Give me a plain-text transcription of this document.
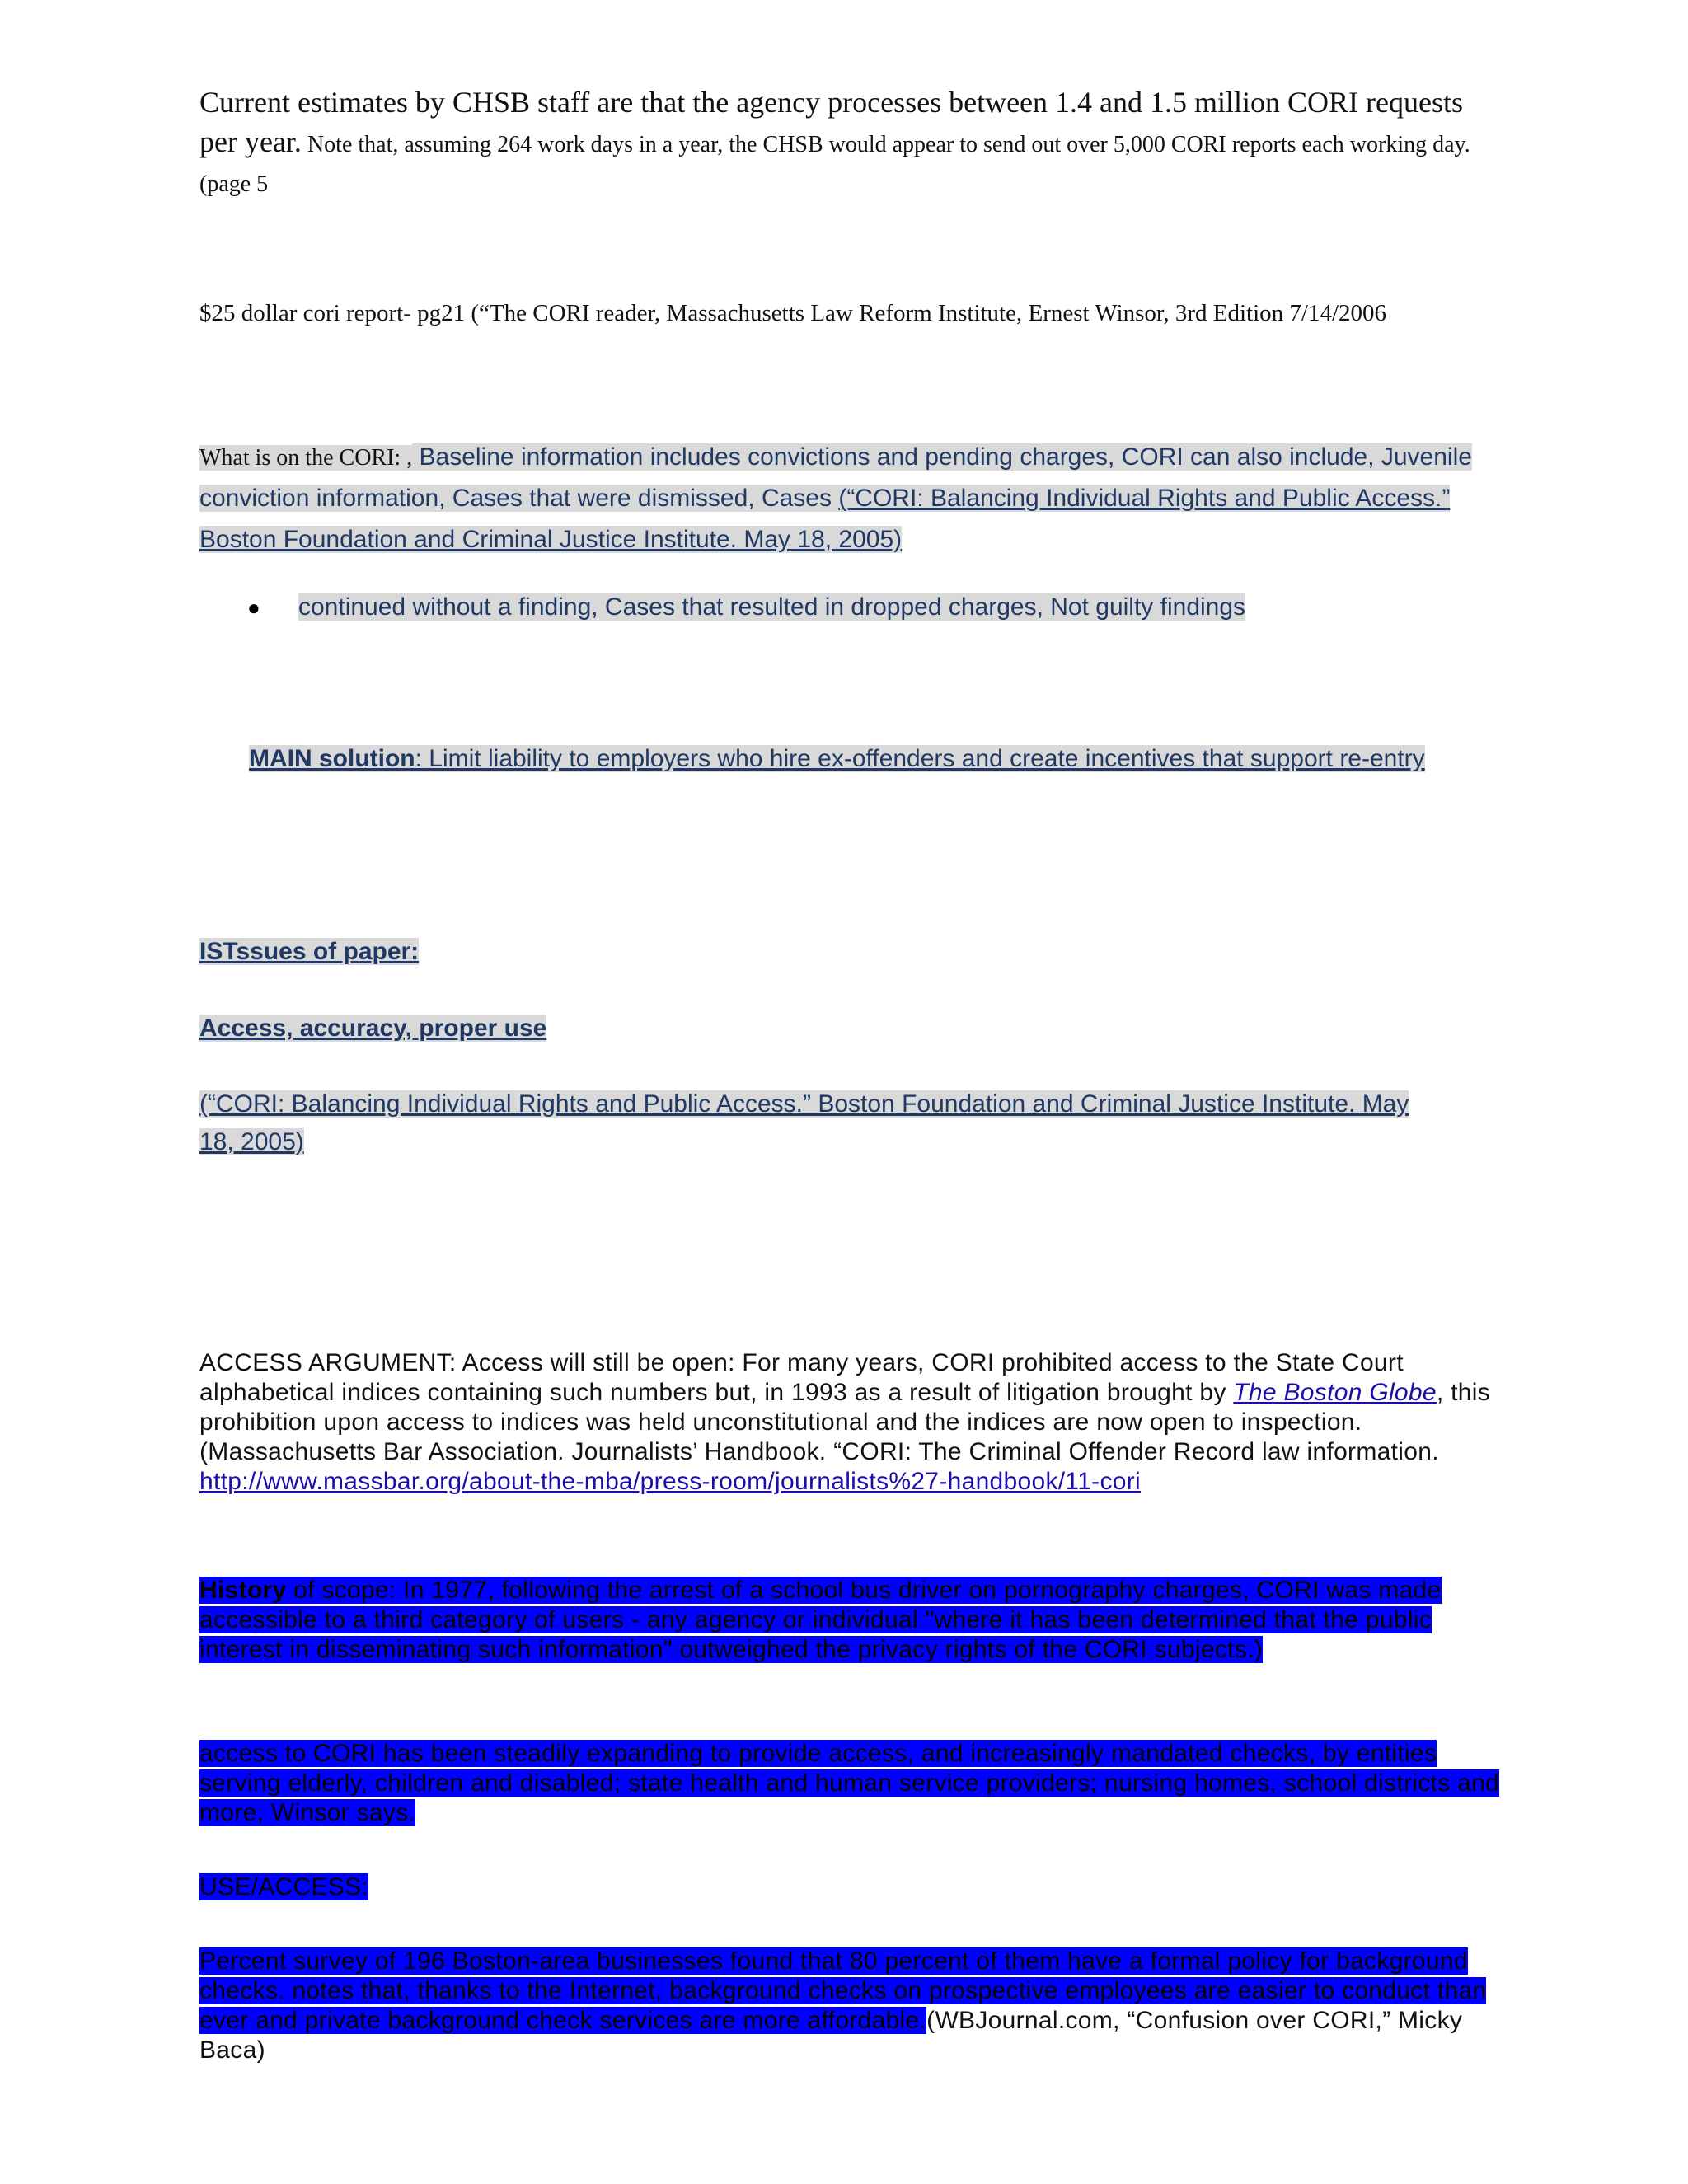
Current estimates by CHSB staff are that the agency processes between 1.4 and 1.5 million CORI requests per year. Note that, assuming 264 work days in a year, the CHSB would appear to send out over 5,000 CORI reports each working day. (page 5
$25 dollar cori report- pg21 (“The CORI reader, Massachusetts Law Reform Institute, Ernest Winsor, 3rd Edition 7/14/2006
What is on the CORI: , Baseline information includes convictions and pending charges, CORI can also include, Juvenile conviction information, Cases that were dismissed, Cases (“CORI: Balancing Individual Rights and Public Access.” Boston Foundation and Criminal Justice Institute. May 18, 2005)
● continued without a finding, Cases that resulted in dropped charges, Not guilty findings
MAIN solution: Limit liability to employers who hire ex-offenders and create incentives that support re-entry
ISTssues of paper:
Access, accuracy, proper use
(“CORI: Balancing Individual Rights and Public Access.” Boston Foundation and Criminal Justice Institute. May 18, 2005)
ACCESS ARGUMENT: Access will still be open: For many years, CORI prohibited access to the State Court alphabetical indices containing such numbers but, in 1993 as a result of litigation brought by The Boston Globe, this prohibition upon access to indices was held unconstitutional and the indices are now open to inspection. (Massachusetts Bar Association. Journalists’ Handbook. “CORI: The Criminal Offender Record law information. http://www.massbar.org/about-the-mba/press-room/journalists%27-handbook/11-cori
History of scope: In 1977, following the arrest of a school bus driver on pornography charges, CORI was made accessible to a third category of users - any agency or individual "where it has been determined that the public interest in disseminating such information" outweighed the privacy rights of the CORI subjects.)
access to CORI has been steadily expanding to provide access, and increasingly mandated checks, by entities serving elderly, children and disabled; state health and human service providers; nursing homes, school districts and more, Winsor says.
USE/ACCESS:
Percent survey of 196 Boston-area businesses found that 80 percent of them have a formal policy for background checks. notes that, thanks to the Internet, background checks on prospective employees are easier to conduct than ever and private background check services are more affordable.(WBJournal.com, “Confusion over CORI,” Micky Baca)
